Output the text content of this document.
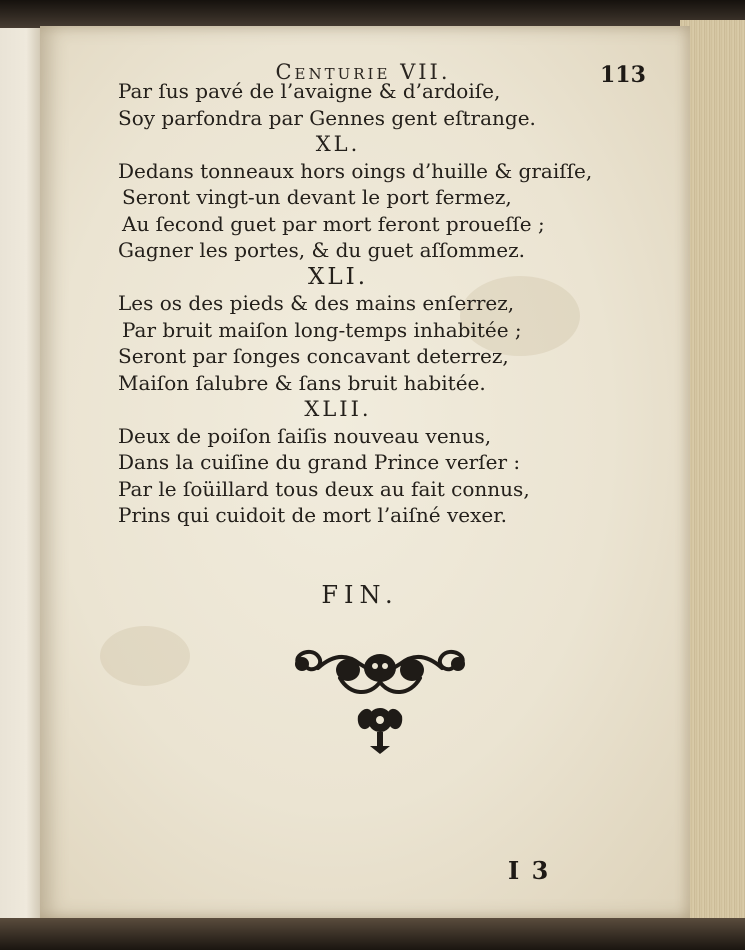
Centurie VII.	113
Par ſus pavé de l’avaigne & d’ardoiſe,
Soy parfondra par Gennes gent eſtrange.
XL.
Dedans tonneaux hors oings d’huille & graiſſe,
Seront vingt-un devant le port fermez,
Au ſecond guet par mort feront proueſſe ;
Gagner les portes, & du guet aſſommez.
XLI.
Les os des pieds & des mains enſerrez,
Par bruit maiſon long-temps inhabitée ;
Seront par ſonges concavant deterrez,
Maiſon ſalubre & ſans bruit habitée.
XLII.
Deux de poiſon ſaiſis nouveau venus,
Dans la cuiſine du grand Prince verſer :
Par le ſoüillard tous deux au fait connus,
Prins qui cuidoit de mort l’aiſné vexer.
FIN.
I 3
